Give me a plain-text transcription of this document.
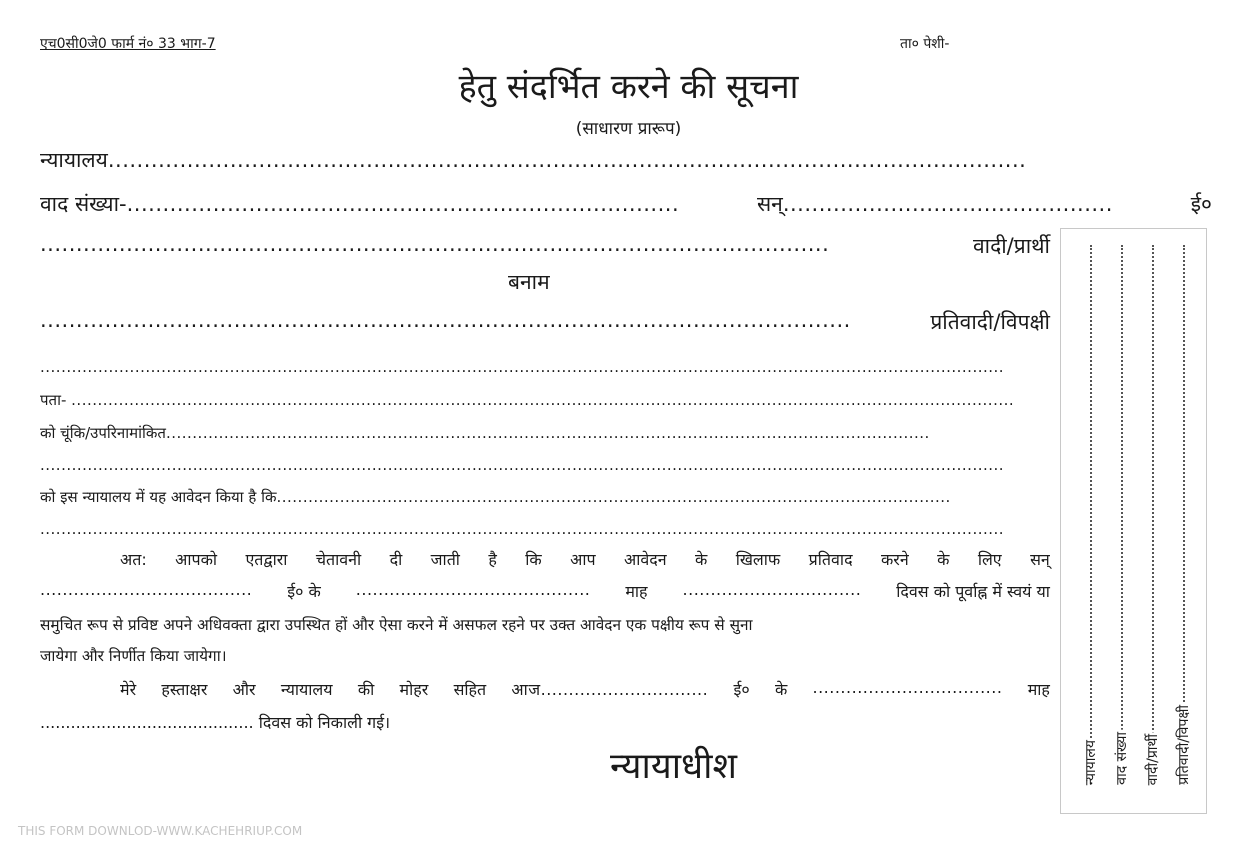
एच0सी0जे0 फार्म नं० 33 भाग-7	ता० पेशी-
हेतु संदर्भित करने की सूचना
(साधारण प्रारूप)
न्यायालय................................................................................................................................
वाद संख्या-.............................................................................	सन्..............................................	ई०
..............................................................................................................	वादी/प्रार्थी
बनाम
.................................................................................................................	प्रतिवादी/विपक्षी
.......................................................................................................................................................................................
पता- ...................................................................................................................................................................................
को चूंकि/उपरिनामांकित.................................................................................................................................................
.......................................................................................................................................................................................
को इस न्यायालय में यह आवेदन किया है कि................................................................................................................................
.......................................................................................................................................................................................
अत: आपको एतद्वारा चेतावनी दी जाती है कि आप आवेदन के खिलाफ प्रतिवाद करने के लिए सन्
...................................... ई० के .......................................... माह ................................ दिवस को पूर्वाह्न में स्वयं या
समुचित रूप से प्रविष्ट अपने अधिवक्ता द्वारा उपस्थित हों और ऐसा करने में असफल रहने पर उक्त आवेदन एक पक्षीय रूप से सुना
जायेगा और निर्णीत किया जायेगा।
मेरे हस्ताक्षर और न्यायालय की मोहर सहित आज.............................. ई० के .................................. माह
.......................................... दिवस को निकाली गई।
न्यायाधीश	न्यायालय वाद संख्या वादी/प्रार्थी प्रतिवादी/विपक्षी
THIS FORM DOWNLOD-WWW.KACHEHRIUP.COM
